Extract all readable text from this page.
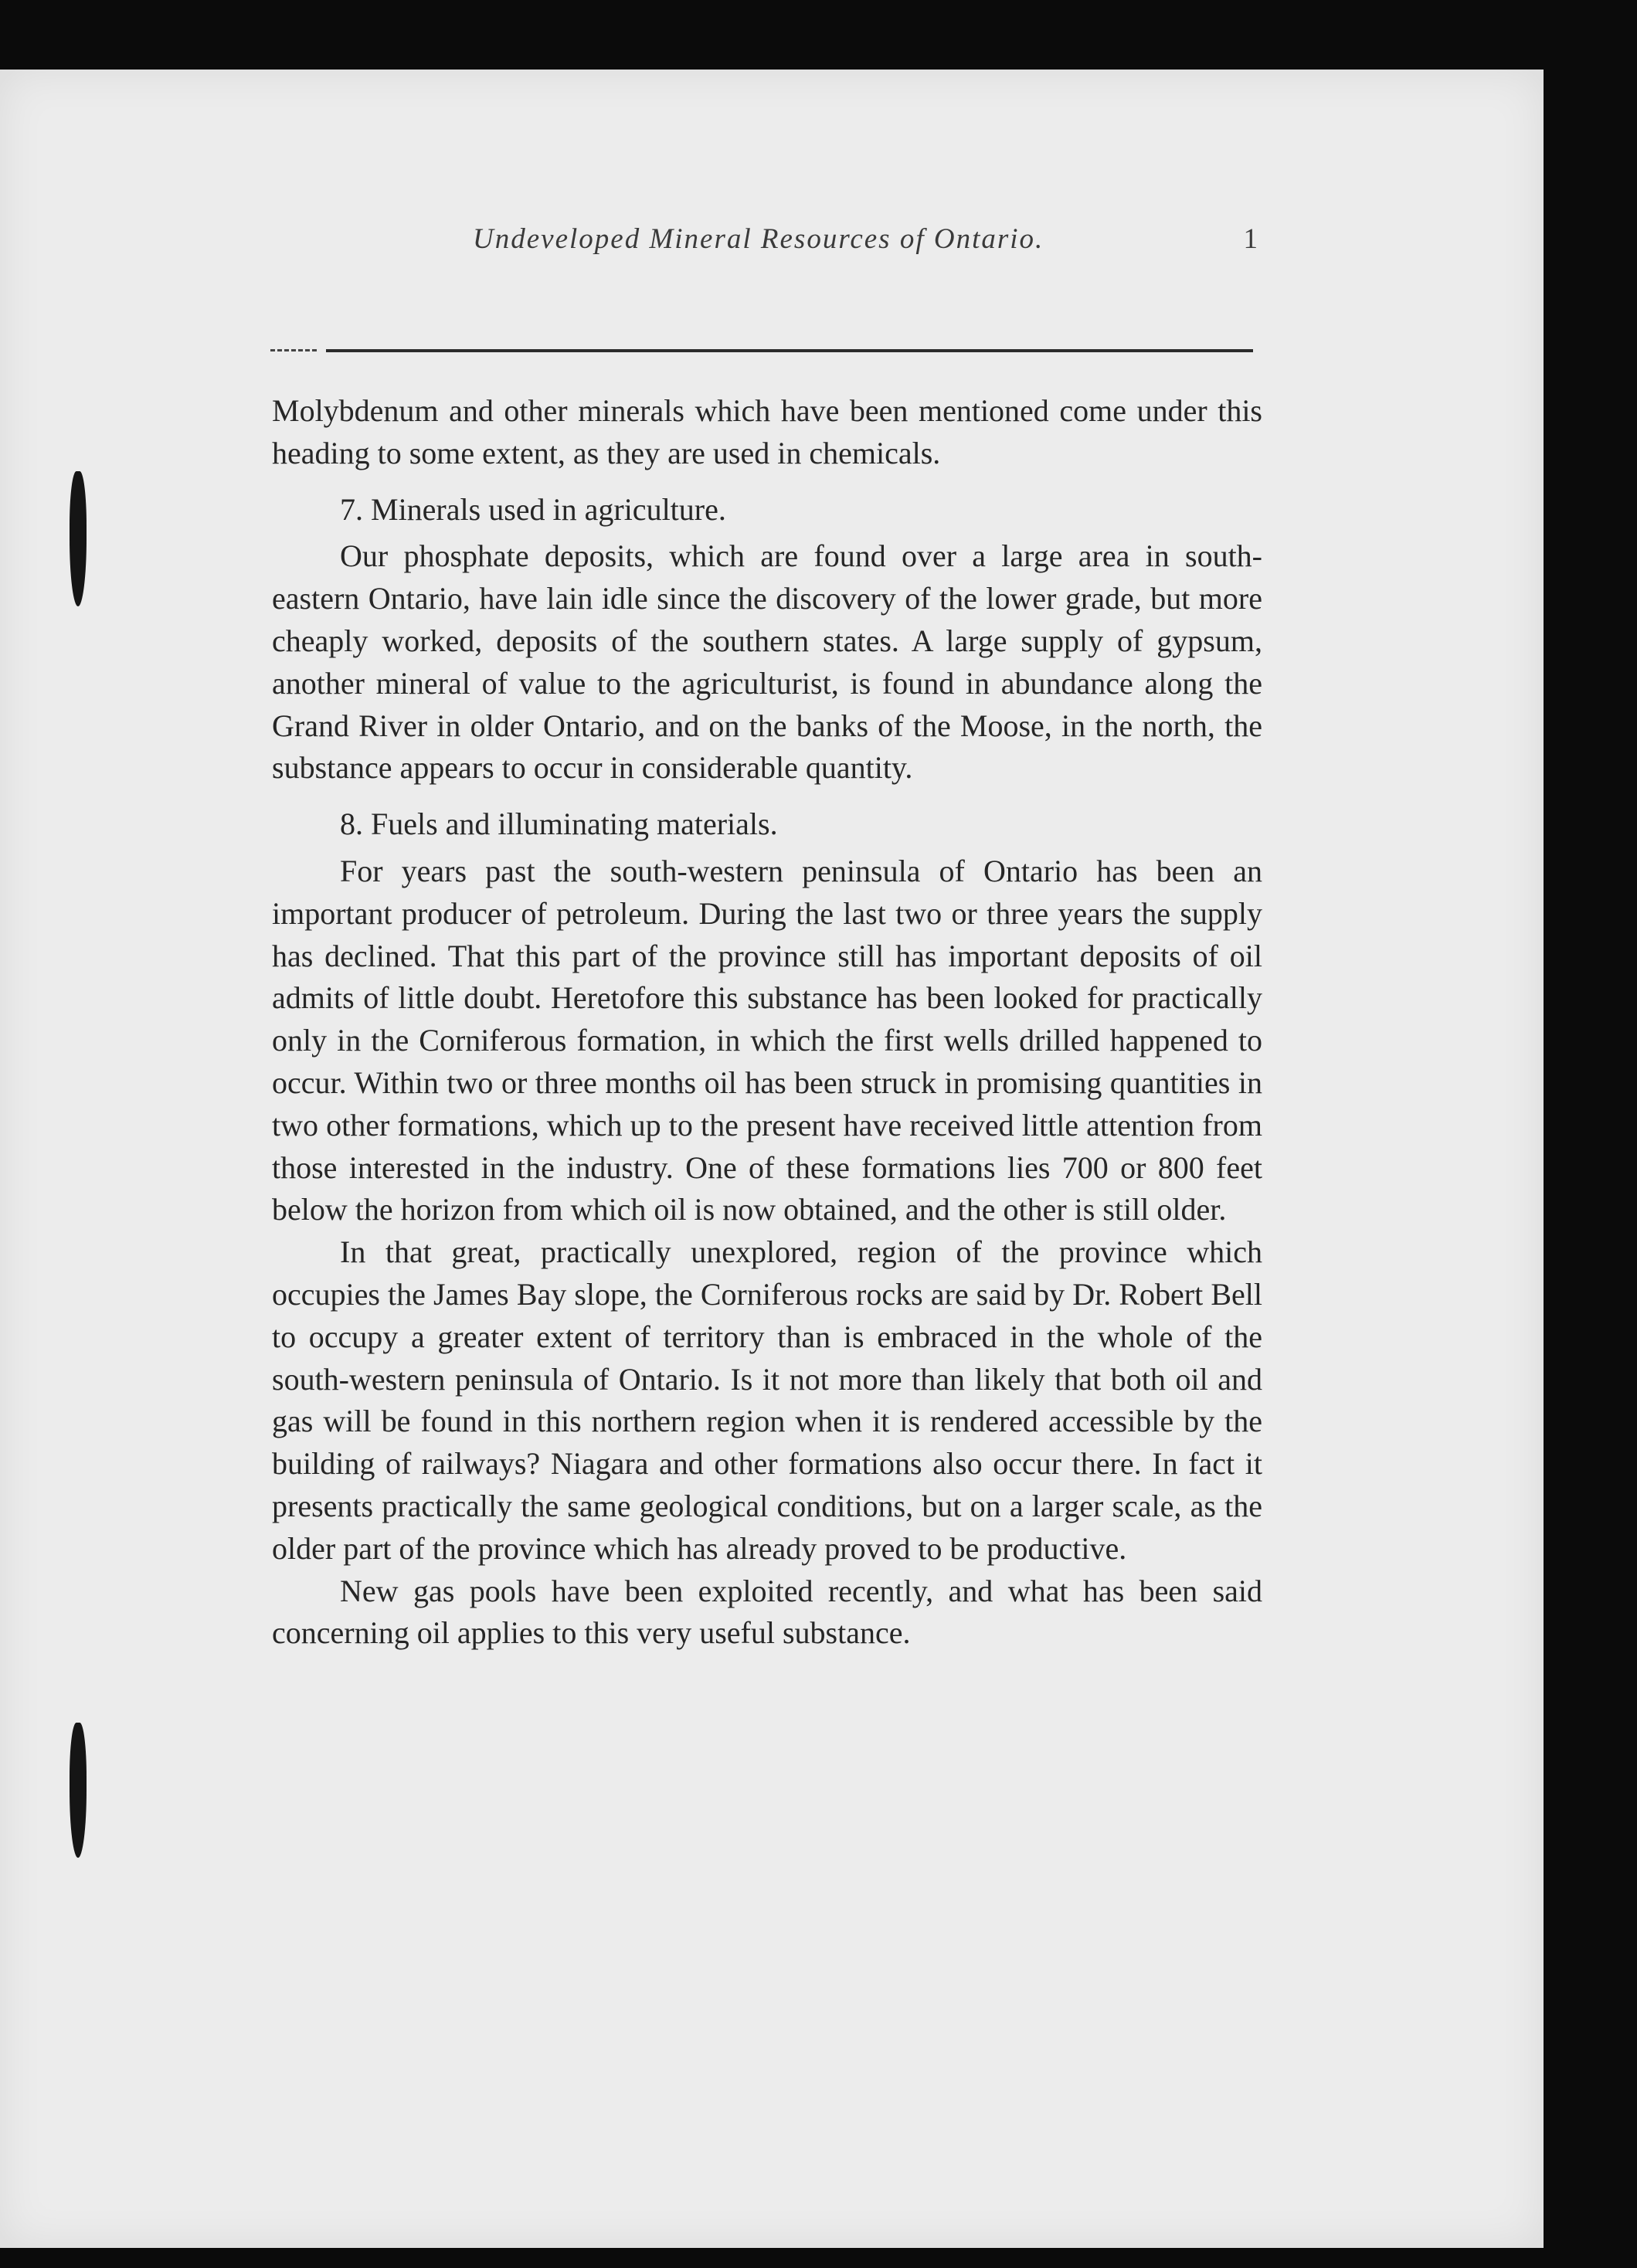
Undeveloped Mineral Resources of Ontario.	1

Molybdenum and other minerals which have been mentioned come under this heading to some extent, as they are used in chemicals.

7. Minerals used in agriculture.

Our phosphate deposits, which are found over a large area in south-eastern Ontario, have lain idle since the discovery of the lower grade, but more cheaply worked, deposits of the southern states. A large supply of gypsum, another mineral of value to the agriculturist, is found in abundance along the Grand River in older Ontario, and on the banks of the Moose, in the north, the substance appears to occur in considerable quantity.

8. Fuels and illuminating materials.

For years past the south-western peninsula of Ontario has been an important producer of petroleum. During the last two or three years the supply has declined. That this part of the province still has important deposits of oil admits of little doubt. Heretofore this substance has been looked for practically only in the Corniferous formation, in which the first wells drilled happened to occur. Within two or three months oil has been struck in promising quantities in two other formations, which up to the present have received little attention from those interested in the industry. One of these formations lies 700 or 800 feet below the horizon from which oil is now obtained, and the other is still older.

In that great, practically unexplored, region of the province which occupies the James Bay slope, the Corniferous rocks are said by Dr. Robert Bell to occupy a greater extent of territory than is embraced in the whole of the south-western peninsula of Ontario. Is it not more than likely that both oil and gas will be found in this northern region when it is rendered accessible by the building of railways? Niagara and other formations also occur there. In fact it presents practically the same geological conditions, but on a larger scale, as the older part of the province which has already proved to be productive.

New gas pools have been exploited recently, and what has been said concerning oil applies to this very useful substance.
